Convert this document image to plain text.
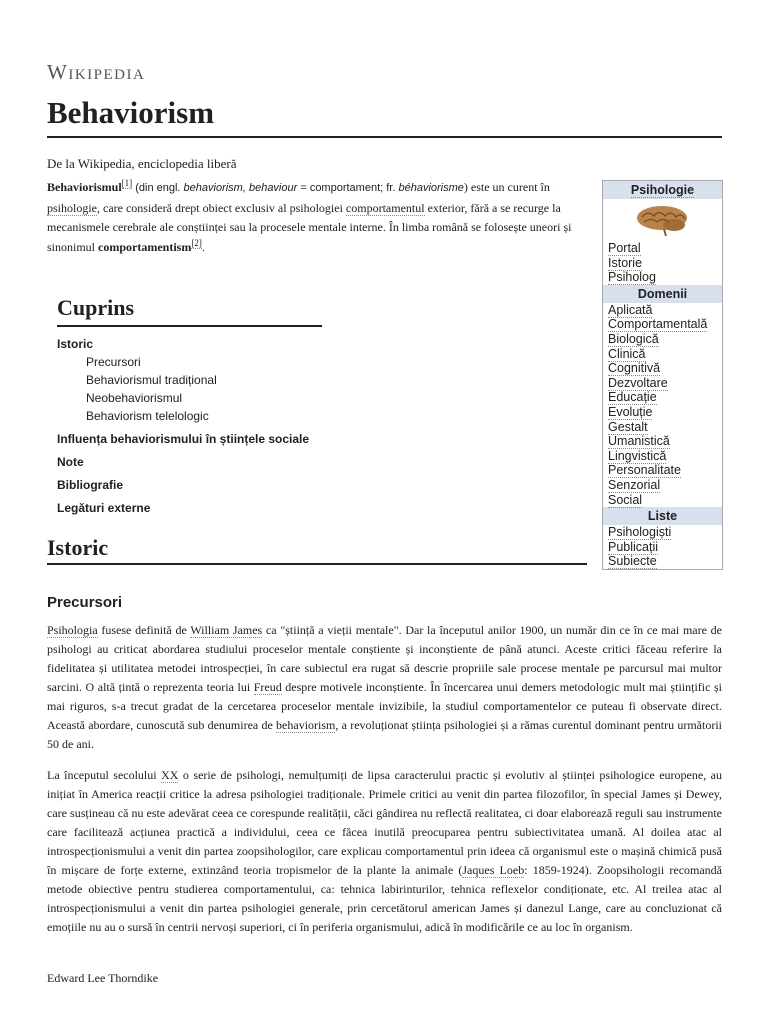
Wikipedia
Behaviorism
De la Wikipedia, enciclopedia liberă
Behaviorismul[1] (din engl. behaviorism, behaviour = comportament; fr. béhaviorisme) este un curent în psihologie, care consideră drept obiect exclusiv al psihologiei comportamentul exterior, fără a se recurge la mecanismele cerebrale ale conștiinței sau la procesele mentale interne. În limba română se folosește uneori și sinonimul comportamentism[2].
Psihologie
Portal
Istorie
Psiholog
Domenii
Aplicată
Comportamentală
Biologică
Clinică
Cognitivă
Dezvoltare
Educație
Evoluție
Gestalt
Umanistică
Lingvistică
Personalitate
Senzorial
Social
Liste
Psihologiști
Publicații
Subiecte
Cuprins
Istoric
Precursori
Behaviorismul tradițional
Neobehaviorismul
Behaviorism telelologic
Influența behaviorismului în științele sociale
Note
Bibliografie
Legături externe
Istoric
Precursori

Psihologia fusese definită de William James ca "știință a vieții mentale". Dar la începutul anilor 1900, un număr din ce în ce mai mare de psihologi au criticat abordarea studiului proceselor mentale conștiente și inconștiente de până atunci. Aceste critici făceau referire la fidelitatea și utilitatea metodei introspecției, în care subiectul era rugat să descrie propriile sale procese mentale pe parcursul mai multor sarcini. O altă țintă o reprezenta teoria lui Freud despre motivele inconștiente. În încercarea unui demers metodologic mult mai științific și mai riguros, s-a trecut gradat de la cercetarea proceselor mentale invizibile, la studiul comportamentelor ce puteau fi observate direct. Această abordare, cunoscută sub denumirea de behaviorism, a revoluționat știința psihologiei și a rămas curentul dominant pentru următorii 50 de ani.

La începutul secolului XX o serie de psihologi, nemulțumiți de lipsa caracterului practic și evolutiv al științei psihologice europene, au inițiat în America reacții critice la adresa psihologiei tradiționale. Primele critici au venit din partea filozofilor, în special James și Dewey, care susțineau că nu este adevărat ceea ce corespunde realității, căci gândirea nu reflectă realitatea, ci doar elaborează reguli sau instrumente care facilitează acțiunea practică a individului, ceea ce făcea inutilă preocuparea pentru subiectivitatea umană. Al doilea atac al introspecționismului a venit din partea zoopsihologilor, care explicau comportamentul prin ideea că organismul este o mașină chimică pusă în mișcare de forțe externe, extinzând teoria tropismelor de la plante la animale (Jaques Loeb: 1859-1924). Zoopsihologii recomandă metode obiective pentru studierea comportamentului, ca: tehnica labirinturilor, tehnica reflexelor condiționate, etc. Al treilea atac al introspecționismului a venit din partea psihologiei generale, prin cercetătorul american James și danezul Lange, care au concluzionat că emoțiile nu au o sursă în centrii nervoși superiori, ci în periferia organismului, adică în modificările ce au loc în organism.

Edward Lee Thorndike
